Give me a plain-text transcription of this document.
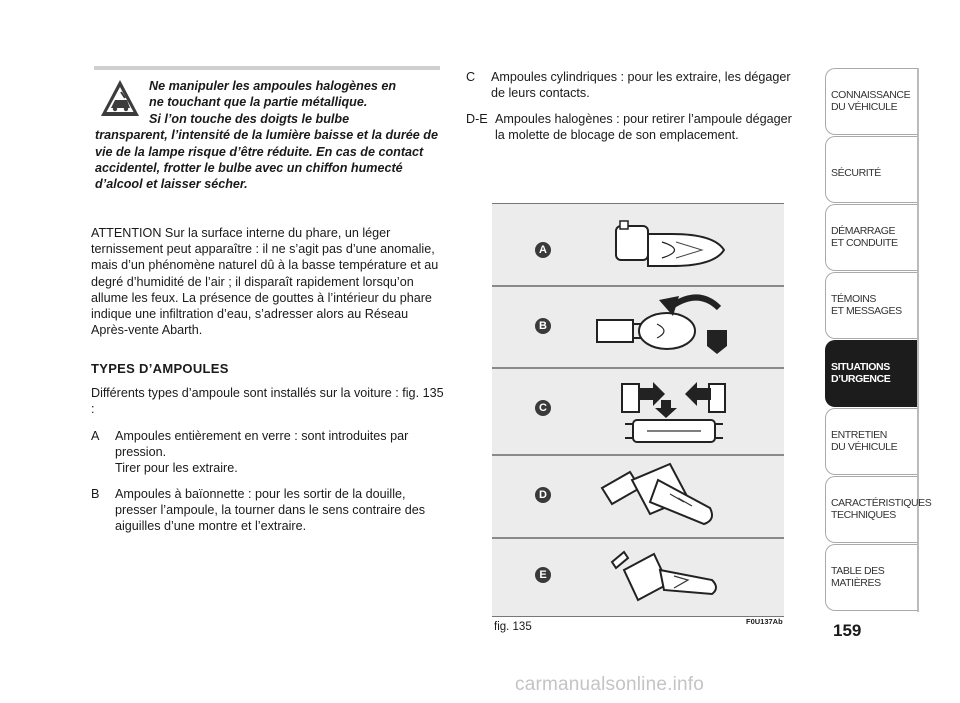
Ne manipuler les ampoules halogènes en
ne touchant que la partie métallique.
Si l’on touche des doigts le bulbe
transparent, l’intensité de la lumière baisse et la durée de vie de la lampe risque d’être réduite. En cas de contact accidentel, frotter le bulbe avec un chiffon humecté d’alcool et laisser sécher.
ATTENTION Sur la surface interne du phare, un léger ternissement peut apparaître : il ne s’agit pas d’une anomalie, mais d’un phénomène naturel dû à la basse température et au degré d’humidité de l’air ; il disparaît rapidement lorsqu’on allume les feux. La présence de gouttes à l’intérieur du phare indique une infiltration d’eau, s’adresser alors au Réseau Après-vente Abarth.
TYPES D’AMPOULES
Différents types d’ampoule sont installés sur la voiture : fig. 135 :
A Ampoules entièrement en verre : sont introduites par pression.
Tirer pour les extraire.
B Ampoules à baïonnette : pour les sortir de la douille, presser l’ampoule, la tourner dans le sens contraire des aiguilles d’une montre et l’extraire.
C Ampoules cylindriques : pour les extraire, les dégager de leurs contacts.
D-E Ampoules halogènes : pour retirer l’ampoule dégager la molette de blocage de son emplacement.
A
B
C
D
E
fig. 135	F0U137Ab	159
CONNAISSANCE
DU VÉHICULE
SÉCURITÉ
DÉMARRAGE
ET CONDUITE
TÉMOINS
ET MESSAGES
SITUATIONS
D’URGENCE
ENTRETIEN
DU VÉHICULE
CARACTÉRISTIQUES
TECHNIQUES
TABLE DES
MATIÈRES
carmanualsonline.info
